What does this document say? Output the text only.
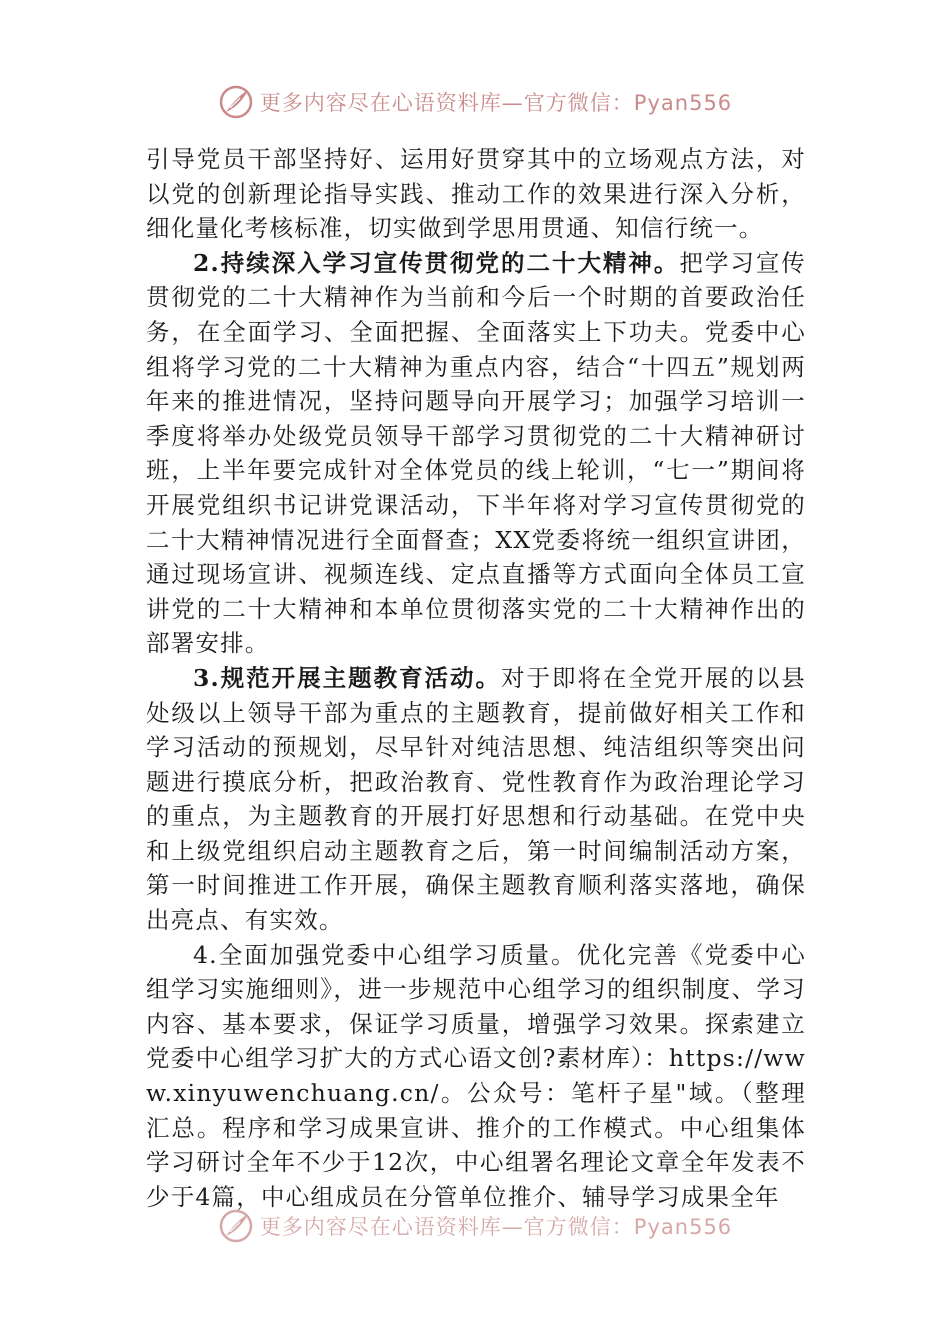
更多内容尽在心语资料库—官方微信：Pyan556

引导党员干部坚持好、运用好贯穿其中的立场观点方法，对以党的创新理论指导实践、推动工作的效果进行深入分析，细化量化考核标准，切实做到学思用贯通、知信行统一。

2.持续深入学习宣传贯彻党的二十大精神。把学习宣传贯彻党的二十大精神作为当前和今后一个时期的首要政治任务，在全面学习、全面把握、全面落实上下功夫。党委中心组将学习党的二十大精神为重点内容，结合“十四五”规划两年来的推进情况，坚持问题导向开展学习；加强学习培训一季度将举办处级党员领导干部学习贯彻党的二十大精神研讨班，上半年要完成针对全体党员的线上轮训，“七一”期间将开展党组织书记讲党课活动，下半年将对学习宣传贯彻党的二十大精神情况进行全面督查；XX党委将统一组织宣讲团，通过现场宣讲、视频连线、定点直播等方式面向全体员工宣讲党的二十大精神和本单位贯彻落实党的二十大精神作出的部署安排。

3.规范开展主题教育活动。对于即将在全党开展的以县处级以上领导干部为重点的主题教育，提前做好相关工作和学习活动的预规划，尽早针对纯洁思想、纯洁组织等突出问题进行摸底分析，把政治教育、党性教育作为政治理论学习的重点，为主题教育的开展打好思想和行动基础。在党中央和上级党组织启动主题教育之后，第一时间编制活动方案，第一时间推进工作开展，确保主题教育顺利落实落地，确保出亮点、有实效。

4.全面加强党委中心组学习质量。优化完善《党委中心组学习实施细则》，进一步规范中心组学习的组织制度、学习内容、基本要求，保证学习质量，增强学习效果。探索建立党委中心组学习扩大的方式心语文创?素材库）：https://www.xinyuwenchuang.cn/。公众号：笔杆子星"域。（整理汇总。程序和学习成果宣讲、推介的工作模式。中心组集体学习研讨全年不少于12次，中心组署名理论文章全年发表不少于4篇，中心组成员在分管单位推介、辅导学习成果全年

更多内容尽在心语资料库—官方微信：Pyan556
